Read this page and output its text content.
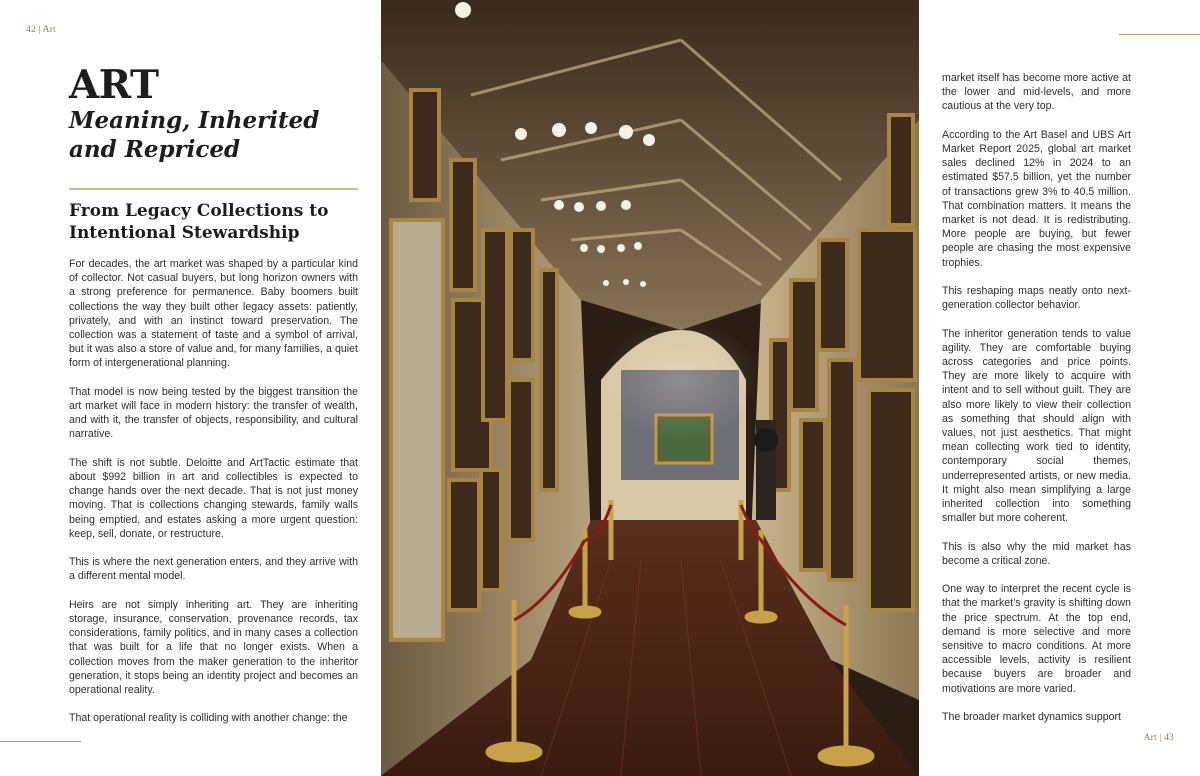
42 | Art
Art | 43
ART
Meaning, Inherited
and Repriced
From Legacy Collections to
Intentional Stewardship

For decades, the art market was shaped by a particular kind of collector. Not casual buyers, but long horizon owners with a strong preference for permanence. Baby boomers built collections the way they built other legacy assets: patiently, privately, and with an instinct toward preservation. The collection was a statement of taste and a symbol of arrival, but it was also a store of value and, for many families, a quiet form of intergenerational planning.

That model is now being tested by the biggest transition the art market will face in modern history: the transfer of wealth, and with it, the transfer of objects, responsibility, and cultural narrative.

The shift is not subtle. Deloitte and ArtTactic estimate that about $992 billion in art and collectibles is expected to change hands over the next decade. That is not just money moving. That is collections changing stewards, family walls being emptied, and estates asking a more urgent question: keep, sell, donate, or restructure.

This is where the next generation enters, and they arrive with a different mental model.

Heirs are not simply inheriting art. They are inheriting storage, insurance, conservation, provenance records, tax considerations, family politics, and in many cases a collection that was built for a life that no longer exists. When a collection moves from the maker generation to the inheritor generation, it stops being an identity project and becomes an operational reality.

That operational reality is colliding with another change: the

market itself has become more active at the lower and mid-levels, and more cautious at the very top.

According to the Art Basel and UBS Art Market Report 2025, global art market sales declined 12% in 2024 to an estimated $57.5 billion, yet the number of transactions grew 3% to 40.5 million. That combination matters. It means the market is not dead. It is redistributing. More people are buying, but fewer people are chasing the most expensive trophies.

This reshaping maps neatly onto next-generation collector behavior.

The inheritor generation tends to value agility. They are comfortable buying across categories and price points. They are more likely to acquire with intent and to sell without guilt. They are also more likely to view their collection as something that should align with values, not just aesthetics. That might mean collecting work tied to identity, contemporary social themes, underrepresented artists, or new media. It might also mean simplifying a large inherited collection into something smaller but more coherent.

This is also why the mid market has become a critical zone.

One way to interpret the recent cycle is that the market’s gravity is shifting down the price spectrum. At the top end, demand is more selective and more sensitive to macro conditions. At more accessible levels, activity is resilient because buyers are broader and motivations are more varied.

The broader market dynamics support
